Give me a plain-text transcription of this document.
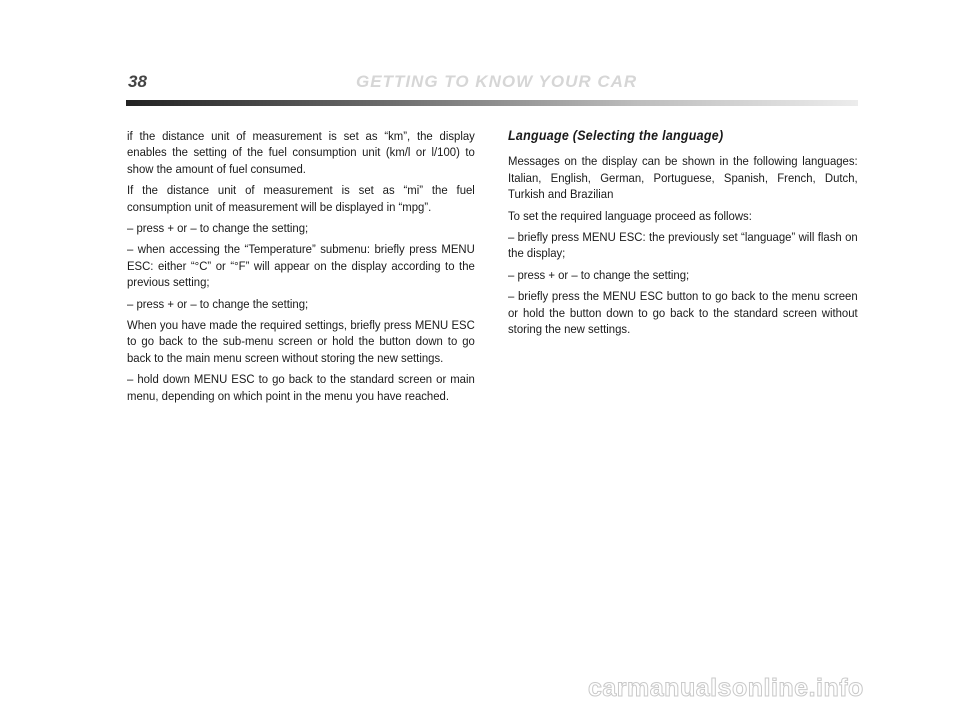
38	GETTING TO KNOW YOUR CAR

if the distance unit of measurement is set as “km”, the display enables the setting of the fuel consumption unit (km/l or l/100) to show the amount of fuel consumed.

If the distance unit of measurement is set as “mi” the fuel consumption unit of measurement will be displayed in “mpg”.

– press + or – to change the setting;

– when accessing the “Temperature” submenu: briefly press MENU ESC: either “°C” or “°F” will appear on the display according to the previous setting;

– press + or – to change the setting;

When you have made the required settings, briefly press MENU ESC to go back to the sub-menu screen or hold the button down to go back to the main menu screen without storing the new settings.

– hold down MENU ESC to go back to the standard screen or main menu, depending on which point in the menu you have reached.

Language (Selecting the language)

Messages on the display can be shown in the following languages: Italian, English, German, Portuguese, Spanish, French, Dutch, Turkish and Brazilian

To set the required language proceed as follows:

– briefly press MENU ESC: the previously set “language” will flash on the display;

– press + or – to change the setting;

– briefly press the MENU ESC button to go back to the menu screen or hold the button down to go back to the standard screen without storing the new settings.

carmanualsonline.info
